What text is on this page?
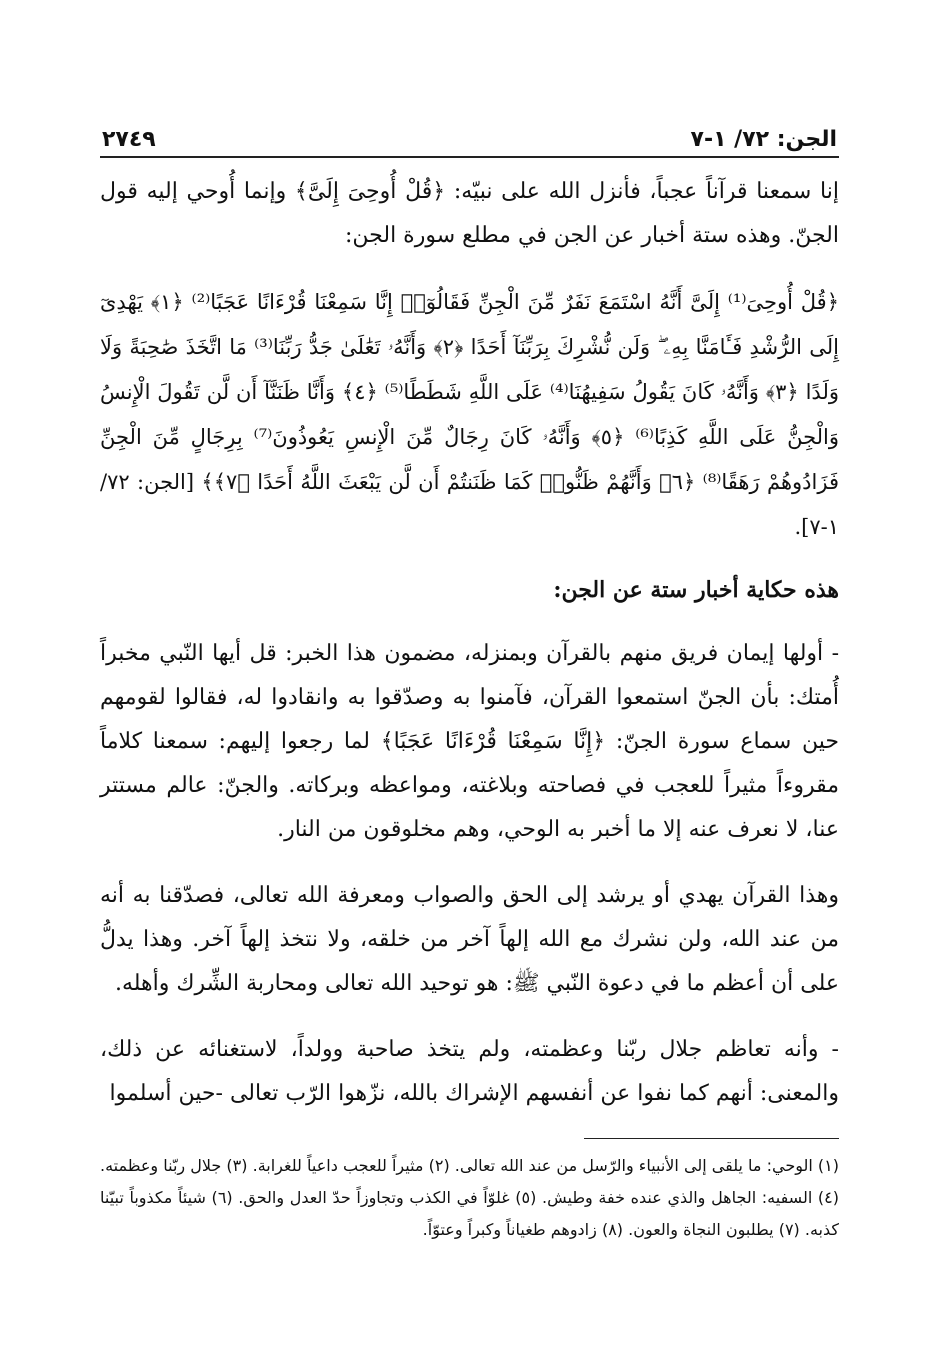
الجن: ٧٢/ ١-٧
٢٧٤٩

إنا سمعنا قرآناً عجباً، فأنزل الله على نبيّه: ﴿قُلْ أُوحِىَ إِلَىَّ﴾ وإنما أُوحي إليه قول الجنّ. وهذه ستة أخبار عن الجن في مطلع سورة الجن:

﴿قُلْ أُوحِىَ⁽¹⁾ إِلَىَّ أَنَّهُ اسْتَمَعَ نَفَرٌ مِّنَ الْجِنِّ فَقَالُوٓا۟ إِنَّا سَمِعْنَا قُرْءَانًا عَجَبًا⁽²⁾ ﴿١﴾ يَهْدِىٓ إِلَى الرُّشْدِ فَـَٔامَنَّا بِهِۦ ۖ وَلَن نُّشْرِكَ بِرَبِّنَآ أَحَدًا ﴿٢﴾ وَأَنَّهُۥ تَعَٰلَىٰ جَدُّ رَبِّنَا⁽³⁾ مَا اتَّخَذَ صَٰحِبَةً وَلَا وَلَدًا ﴿٣﴾ وَأَنَّهُۥ كَانَ يَقُولُ سَفِيهُنَا⁽⁴⁾ عَلَى اللَّهِ شَطَطًا⁽⁵⁾ ﴿٤﴾ وَأَنَّا ظَنَنَّآ أَن لَّن تَقُولَ الْإِنسُ وَالْجِنُّ عَلَى اللَّهِ كَذِبًا⁽⁶⁾ ﴿٥﴾ وَأَنَّهُۥ كَانَ رِجَالٌ مِّنَ الْإِنسِ يَعُوذُونَ⁽⁷⁾ بِرِجَالٍ مِّنَ الْجِنِّ فَزَادُوهُمْ رَهَقًا⁽⁸⁾ ﴿٦﴾ وَأَنَّهُمْ ظَنُّوا۟ كَمَا ظَنَنتُمْ أَن لَّن يَبْعَثَ اللَّهُ أَحَدًا ﴿٧﴾﴾ [الجن: ٧٢/ ١-٧].

هذه حكاية أخبار ستة عن الجن:

- أولها إيمان فريق منهم بالقرآن وبمنزله، مضمون هذا الخبر: قل أيها النّبي مخبراً أُمتك: بأن الجنّ استمعوا القرآن، فآمنوا به وصدّقوا به وانقادوا له، فقالوا لقومهم حين سماع سورة الجنّ: ﴿إِنَّا سَمِعْنَا قُرْءَانًا عَجَبًا﴾ لما رجعوا إليهم: سمعنا كلاماً مقروءاً مثيراً للعجب في فصاحته وبلاغته، ومواعظه وبركاته. والجنّ: عالم مستتر عنا، لا نعرف عنه إلا ما أخبر به الوحي، وهم مخلوقون من النار.

وهذا القرآن يهدي أو يرشد إلى الحق والصواب ومعرفة الله تعالى، فصدّقنا به أنه من عند الله، ولن نشرك مع الله إلهاً آخر من خلقه، ولا نتخذ إلهاً آخر. وهذا يدلُّ على أن أعظم ما في دعوة النّبي ﷺ: هو توحيد الله تعالى ومحاربة الشِّرك وأهله.

- وأنه تعاظم جلال ربّنا وعظمته، ولم يتخذ صاحبة وولداً، لاستغنائه عن ذلك، والمعنى: أنهم كما نفوا عن أنفسهم الإشراك بالله، نزّهوا الرّب تعالى -حين أسلموا

(١) الوحي: ما يلقى إلى الأنبياء والرّسل من عند الله تعالى. (٢) مثيراً للعجب داعياً للغرابة. (٣) جلال ربّنا وعظمته. (٤) السفيه: الجاهل والذي عنده خفة وطيش. (٥) غلوّاً في الكذب وتجاوزاً حدّ العدل والحق. (٦) شيئاً مكذوباً تبيّنا كذبه. (٧) يطلبون النجاة والعون. (٨) زادوهم طغياناً وكبراً وعتوّاً.
